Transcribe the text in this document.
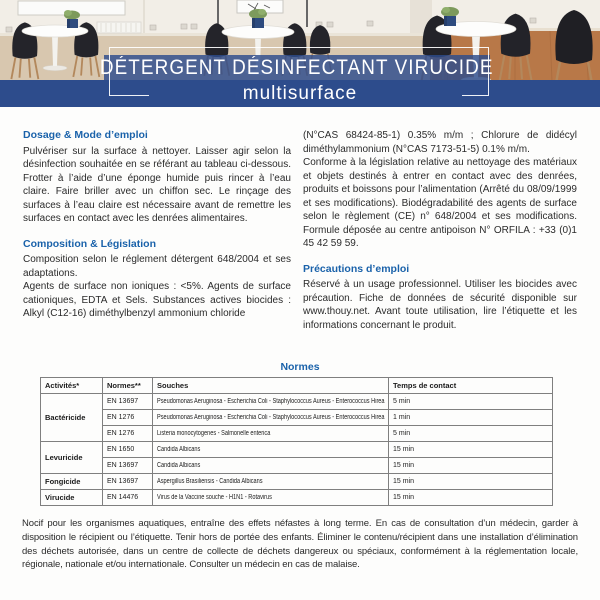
DÉTERGENT DÉSINFECTANT VIRUCIDE
multisurface
Dosage & Mode d’emploi

Pulvériser sur la surface à nettoyer. Laisser agir selon la désinfection souhaitée en se référant au tableau ci-dessous. Frotter à l’aide d’une éponge humide puis rincer à l’eau claire. Faire briller avec un chiffon sec. Le rinçage des surfaces à l’eau claire est nécessaire avant de remettre les surfaces en contact avec les denrées alimentaires.

Composition & Législation

Composition selon le réglement détergent 648/2004 et ses adaptations.

Agents de surface non ioniques : <5%. Agents de surface cationiques, EDTA et Sels. Substances actives biocides : Alkyl (C12-16) diméthylbenzyl ammonium chloride

(N°CAS 68424-85-1) 0.35% m/m ; Chlorure de didécyl diméthylammonium (N°CAS 7173-51-5) 0.1% m/m.

Conforme à la législation relative au nettoyage des matériaux et objets destinés à entrer en contact avec des denrées, produits et boissons pour l’alimentation (Arrêté du 08/09/1999 et ses modifications). Biodégradabilité des agents de surface selon le règlement (CE) n° 648/2004 et ses modifications. Formule déposée au centre antipoison N° ORFILA : +33 (0)1 45 42 59 59.

Précautions d’emploi

Réservé à un usage professionnel. Utiliser les biocides avec précaution. Fiche de données de sécurité disponible sur www.thouy.net. Avant toute utilisation, lire l’étiquette et les informations concernant le produit.

Normes
Activités*	Normes**	Souches	Temps de contact
Bactéricide	EN 13697	Pseudomonas Aeruginosa - Escherichia Coli - Staphylococcus Aureus - Enterococcus Hirea	5 min
	EN 1276	Pseudomonas Aeruginosa - Escherichia Coli - Staphylococcus Aureus - Enterococcus Hirea	1 min
	EN 1276	Listeria monocytogenes - Salmonelle enterica	5 min
Levuricide	EN 1650	Candida Albicans	15 min
	EN 13697	Candida Albicans	15 min
Fongicide	EN 13697	Aspergillus Brasiliensis - Candida Albicans	15 min
Virucide	EN 14476	Virus de la Vaccine souche - H1N1 - Rotavirus	15 min
Nocif pour les organismes aquatiques, entraîne des effets néfastes à long terme. En cas de consultation d’un médecin, garder à disposition le récipient ou l’étiquette. Tenir hors de portée des enfants. Éliminer le contenu/récipient dans une installation d’élimination des déchets autorisée, dans un centre de collecte de déchets dangereux ou spéciaux, conformément à la réglementation locale, régionale, nationale et/ou internationale. Consulter un médecin en cas de malaise.
